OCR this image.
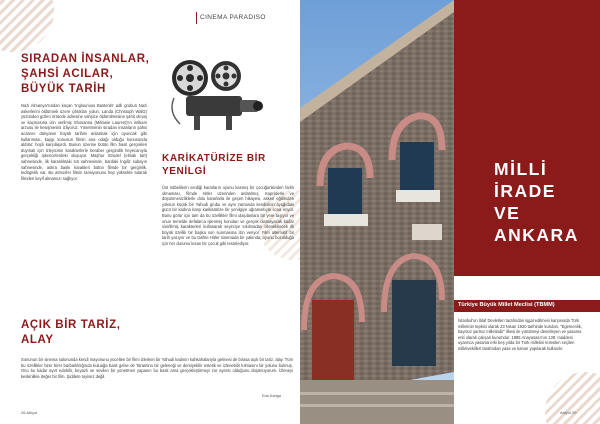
CINEMA PARADISO
SIRADAN İNSANLAR, ŞAHSİ ACILAR, BÜYÜK TARİH

Nazi Almanya'sından kaçan 'Inglourious Basterds' adlı grubun Nazi askerlerini öldürmek üzere çıktıkları yolun, Landa (Christoph Waltz) yüzünden gizlen örtünde adresine vahşice öldürülmesine şahit olmuş ve kaçmasına izin verilmiş Shosanna (Mélanie Laurent)'ın intikam arzusu ile kesişmesini izliyoruz. Yönetmenin sıradan insanların şahsi acılarını dünyanın büyük tarihini anlatmak için oyuncak gibi kullanması, kaygı konusun filmin ana odağı olduğu konusunda aldılar: hoşlı karşılaşırdı. Bunun üzerine bütün film basit gerçekleri duymak için izleyicinin karakterlerle beraber gergindik heyecanıyla gerçekliği işkencelerdeki oluşuyor. Maşhur Strudel (elmalı tart) sahnesinde, ilk karanlıktaki süt sahnesinde, bardaki İngiliz subayın sahnesinde, askra baskı karakteri bütün filmde bir gerginlik, tedirginlik var. Bu atmosfer filmin tansiyonunu hep yüksekte tutarak filmden keyif almamızı sağlıyor.

KARİKATÜRİZE BİR YENİLGİ

Üst rütbelilerin verdiği kararların oyunu kasmış bir çocuğunkinden farklı olmaması, filmde Hitler üzerinden anlatılmış. Kaprislerle ve düşünmesizliklerle dolu kararlarla ile geçen hikayesi, askeri eğitimden yoksun küçük bir Yahudi grubu ve aynı zamanda kendisinin ayağıdaki gücü bir kadına karşı karikatürize bir yenilgiye uğramasıyla sona eriyor. Bunu görür için tam da bu özellikler filmi ulaşılanlara bir yere taşıyor ve onun temelde defalarca işlenmiş konuları ve gerçek olamayacak kadar sinirlilmiş karakterleri kullanarak seyirciye sıkılmadan izlenebilecek ilk büyük özellik bir başka son sunmasına izin veriyor. Film alternatif bir tarih yazıyor ve bu tarihte Hitler sinemada bir yakında, oyunu bozulduğu için her durumu kısan bir çocuk gibi tesrelediyor.

AÇIK BİR TARİZ, ALAY

Sonunun bir sinema salonunda kendi mayonunu yücelten bir filmi izlerken bir Yahudi kadının kahkahalarıyla gelmesi de birasa açık bir tariz, alay. Tüm bu özellikler birer birer barbarlıklığında kuluağa basit gelse de Tarantino bir geleneği ve demiyebilir estetik ve izlenebilir kılmasını bir yolunu bulmuş. Onu bu kadar ayırt edebilir, beyazlı ve sevilen bir yönetmen yapanın bu basit ama gerçekleştirmeyi zor ayrıntı olduğunu düşünüyorum. İzleneyi keskinlikle değer bir film. Şiddete toyisez değil.

Eda Kartga
26 Atılyol
MİLLİ
İRADE
VE
ANKARA
Türkiye Büyük Millet Meclisi (TBMM)

İstanbul'un İtilaf Devletleri tarafından işgal edilmesi karşısında Türk milletinin tepkisi olarak 23 Nisan 1920 tarihinde kurulan, "Egemenlik, kayıtsız şartsız milletindir" ilkesi ile yürütmeyi denetleyen ve yasama erki olarak çalışan kurumdur. 1985 Anayasası'nın 138. maddesi uyarınca yasama erki beş yılda bir Türk milletini temsilen seçilen milletvekilleri tarafından yasa ve kanun yapılarak kullanılır.

Atılyol 29
